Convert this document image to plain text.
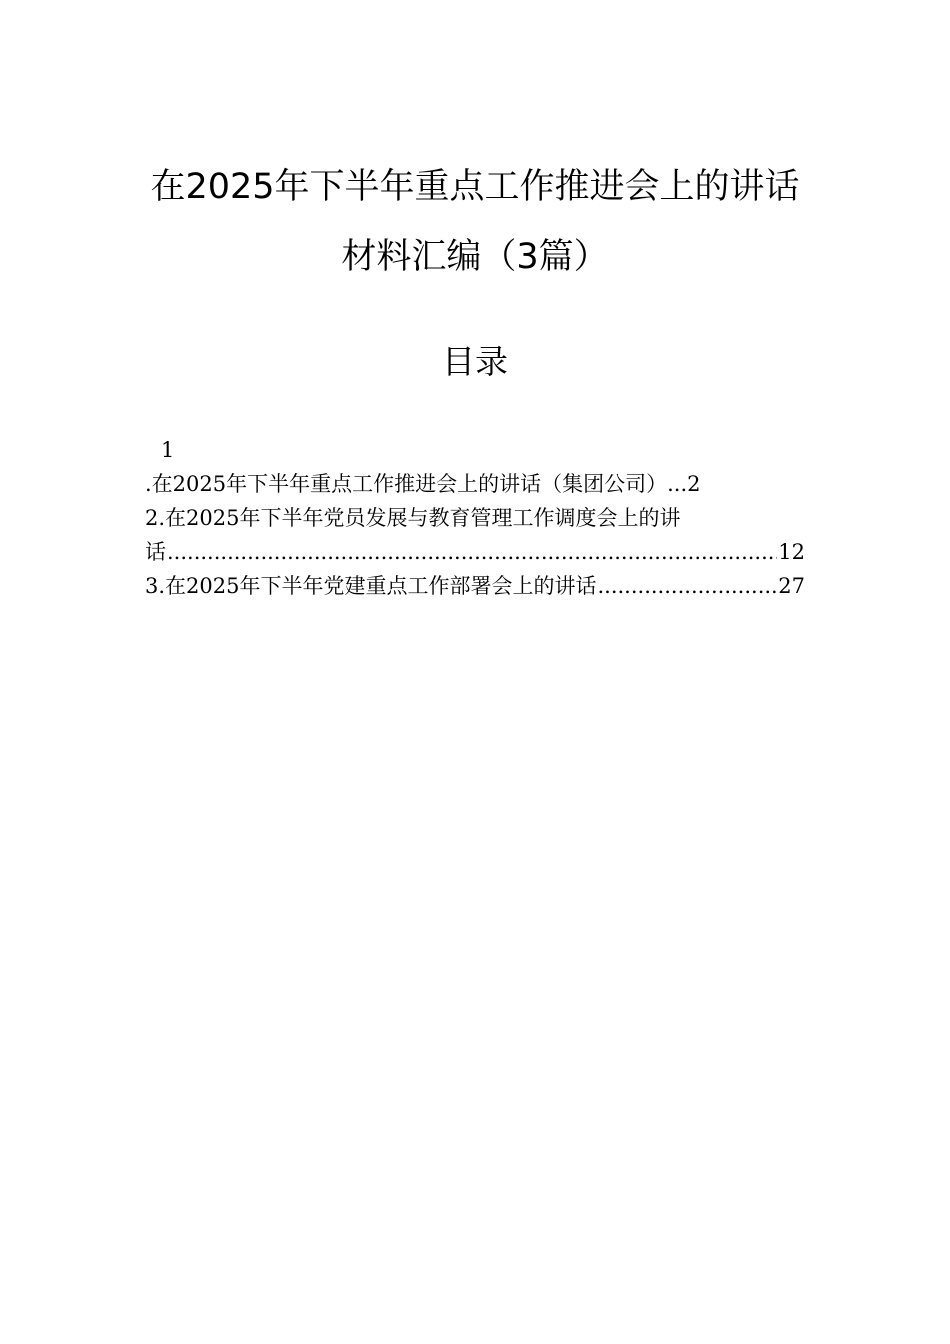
在2025年下半年重点工作推进会上的讲话
材料汇编（3篇）
目录
1
.在2025年下半年重点工作推进会上的讲话（集团公司） ... 2
2.在2025年下半年党员发展与教育管理工作调度会上的讲
话 .....	12
3.在2025年下半年党建重点工作部署会上的讲话 .....	27
